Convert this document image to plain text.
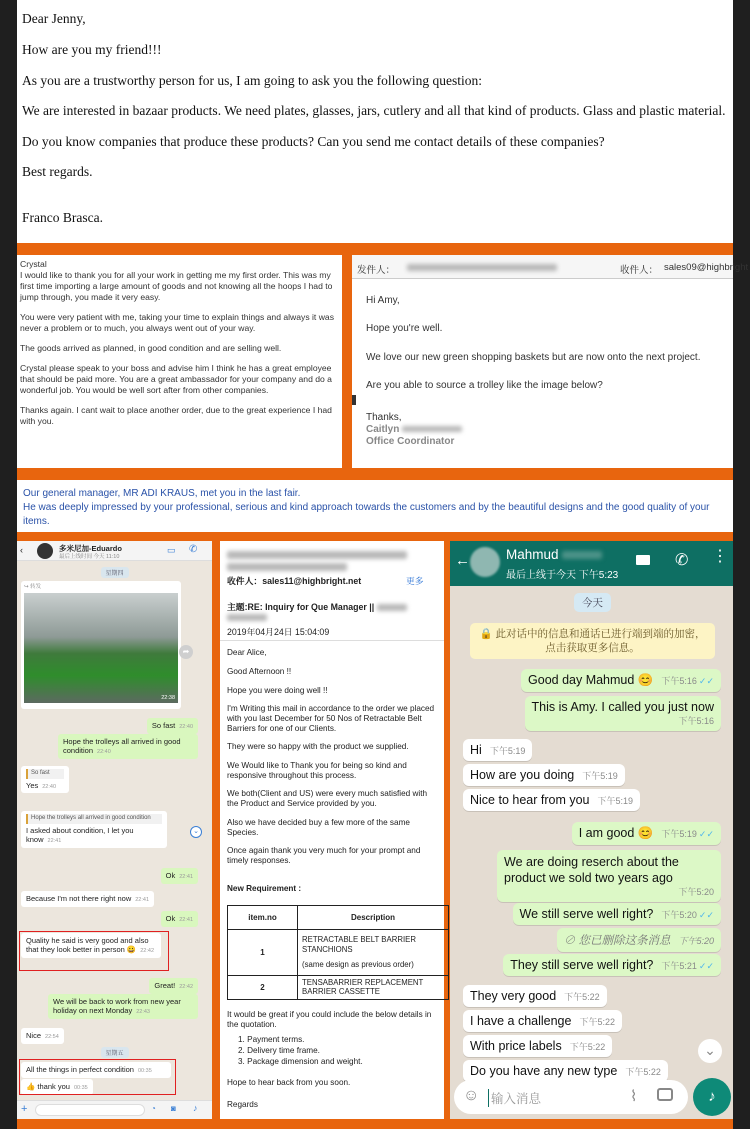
Dear Jenny,

How are you my friend!!!

As you are a trustworthy person for us, I am going to ask you the following question:

We are interested in bazaar products. We need plates, glasses, jars, cutlery and all that kind of products. Glass and plastic material.

Do you know companies that produce these products? Can you send me contact details of these companies?

Best regards.

Franco Brasca.

Crystal
I would like to thank you for all your work in getting me my first order. This was my first time importing a large amount of goods and not knowing all the hoops I had to jump through, you made it very easy.
You were very patient with me, taking your time to explain things and always it was never a problem or to much, you always went out of your way.
The goods arrived as planned, in good condition and are selling well.
Crystal please speak to your boss and advise him I think he has a great employee that should be paid more. You are a great ambassador for your company and do a wonderful job. You would be well sort after from other companies.
Thanks again. I cant wait to place another order, due to the great experience I had with you.
发件人：	收件人： sales09@highbright
Hi Amy,
Hope you're well.
We love our new green shopping baskets but are now onto the next project.
Are you able to source a trolley like the image below?
Thanks,
Caitlyn
Office Coordinator
Our general manager, MR ADI KRAUS, met you in the last fair.
He was deeply impressed by your professional, serious and kind approach towards the customers and by the beautiful designs and the good quality of your items.
‹	多米尼加-Eduardo
最后上线时间 今天 11:10
▭ ✆
星期四
↪ 转发
22:38
➦
So fast 22:40
Hope the trolleys all arrived in good condition 22:40
So fast
Yes 22:40
Hope the trolleys all arrived in good condition
I asked about condition, I let you know 22:41
⌄
Ok 22:41
Because I'm not there right now 22:41
Ok 22:41
Quality he said is very good and also that they look better in person 😀 22:42
Great! 22:42
We will be back to work from new year holiday on next Monday 22:43
Nice 22:54
星期五
All the things in perfect condition 00:35
👍 thank you 00:35
+	◔ ◙ ♪
收件人：sales11@highbright.net	更多
主题:RE: Inquiry for Que Manager ||
2019年04月24日 15:04:09
Dear Alice,
Good Afternoon !!
Hope you were doing well !!
I'm Writing this mail in accordance to the order we placed with you last December for 50 Nos of Retractable Belt Barriers for one of our Clients.
They were so happy with the product we supplied.
We Would like to Thank you for being so kind and responsive throughout this process.
We both(Client and US) were every much satisfied with the Product and Service provided by you.
Also we have decided buy a few more of the same Species.
Once again thank you very much for your prompt and timely responses.
New Requirement :
item.no	Description
1	RETRACTABLE BELT BARRIER STANCHIONS
(same design as previous order)

2	TENSABARRIER REPLACEMENT BARRIER CASSETTE
It would be great if you could include the below details in the quotation.
1. Payment terms.
2. Delivery time frame.
3. Package dimension and weight.
Hope to hear back from you soon.
Regards
←	Mahmud
最后上线于今天 下午5:23
✆ ⋮
今天
🔒 此对话中的信息和通话已进行端到端的加密，点击获取更多信息。
Good day Mahmud 😊 下午5:16 ✓✓
This is Amy. I called you just now

下午5:16
Hi 下午5:19
How are you doing 下午5:19
Nice to hear from you 下午5:19
I am good 😊 下午5:19 ✓✓
We are doing reserch about the product we sold two years ago
下午5:20
We still serve well right? 下午5:20 ✓✓
⊘ 您已删除这条消息 下午5:20
They still serve well right? 下午5:21 ✓✓
They very good 下午5:22
I have a challenge 下午5:22
With price labels 下午5:22
Do you have any new type 下午5:22
⌄
☺ 输入消息	⌇	♪
